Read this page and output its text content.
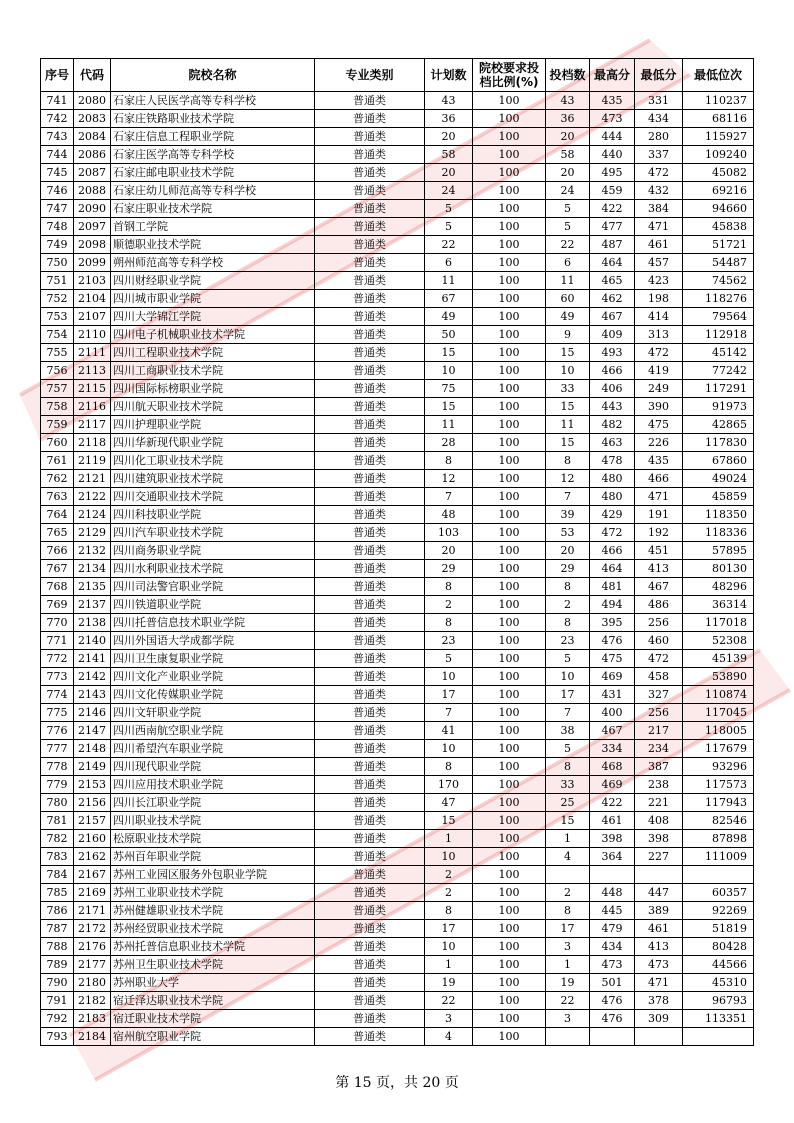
序号	代码	院校名称	专业类别	计划数	院校要求投档比例(%)	投档数	最高分	最低分	最低位次
741	2080	石家庄人民医学高等专科学校	普通类	43	100	43	435	331	110237
742	2083	石家庄铁路职业技术学院	普通类	36	100	36	473	434	68116
743	2084	石家庄信息工程职业学院	普通类	20	100	20	444	280	115927
744	2086	石家庄医学高等专科学校	普通类	58	100	58	440	337	109240
745	2087	石家庄邮电职业技术学院	普通类	20	100	20	495	472	45082
746	2088	石家庄幼儿师范高等专科学校	普通类	24	100	24	459	432	69216
747	2090	石家庄职业技术学院	普通类	5	100	5	422	384	94660
748	2097	首钢工学院	普通类	5	100	5	477	471	45838
749	2098	顺德职业技术学院	普通类	22	100	22	487	461	51721
750	2099	朔州师范高等专科学校	普通类	6	100	6	464	457	54487
751	2103	四川财经职业学院	普通类	11	100	11	465	423	74562
752	2104	四川城市职业学院	普通类	67	100	60	462	198	118276
753	2107	四川大学锦江学院	普通类	49	100	49	467	414	79564
754	2110	四川电子机械职业技术学院	普通类	50	100	9	409	313	112918
755	2111	四川工程职业技术学院	普通类	15	100	15	493	472	45142
756	2113	四川工商职业技术学院	普通类	10	100	10	466	419	77242
757	2115	四川国际标榜职业学院	普通类	75	100	33	406	249	117291
758	2116	四川航天职业技术学院	普通类	15	100	15	443	390	91973
759	2117	四川护理职业学院	普通类	11	100	11	482	475	42865
760	2118	四川华新现代职业学院	普通类	28	100	15	463	226	117830
761	2119	四川化工职业技术学院	普通类	8	100	8	478	435	67860
762	2121	四川建筑职业技术学院	普通类	12	100	12	480	466	49024
763	2122	四川交通职业技术学院	普通类	7	100	7	480	471	45859
764	2124	四川科技职业学院	普通类	48	100	39	429	191	118350
765	2129	四川汽车职业技术学院	普通类	103	100	53	472	192	118336
766	2132	四川商务职业学院	普通类	20	100	20	466	451	57895
767	2134	四川水利职业技术学院	普通类	29	100	29	464	413	80130
768	2135	四川司法警官职业学院	普通类	8	100	8	481	467	48296
769	2137	四川铁道职业学院	普通类	2	100	2	494	486	36314
770	2138	四川托普信息技术职业学院	普通类	8	100	8	395	256	117018
771	2140	四川外国语大学成都学院	普通类	23	100	23	476	460	52308
772	2141	四川卫生康复职业学院	普通类	5	100	5	475	472	45139
773	2142	四川文化产业职业学院	普通类	10	100	10	469	458	53890
774	2143	四川文化传媒职业学院	普通类	17	100	17	431	327	110874
775	2146	四川文轩职业学院	普通类	7	100	7	400	256	117045
776	2147	四川西南航空职业学院	普通类	41	100	38	467	217	118005
777	2148	四川希望汽车职业学院	普通类	10	100	5	334	234	117679
778	2149	四川现代职业学院	普通类	8	100	8	468	387	93296
779	2153	四川应用技术职业学院	普通类	170	100	33	469	238	117573
780	2156	四川长江职业学院	普通类	47	100	25	422	221	117943
781	2157	四川职业技术学院	普通类	15	100	15	461	408	82546
782	2160	松原职业技术学院	普通类	1	100	1	398	398	87898
783	2162	苏州百年职业学院	普通类	10	100	4	364	227	111009
784	2167	苏州工业园区服务外包职业学院	普通类	2	100				
785	2169	苏州工业职业技术学院	普通类	2	100	2	448	447	60357
786	2171	苏州健雄职业技术学院	普通类	8	100	8	445	389	92269
787	2172	苏州经贸职业技术学院	普通类	17	100	17	479	461	51819
788	2176	苏州托普信息职业技术学院	普通类	10	100	3	434	413	80428
789	2177	苏州卫生职业技术学院	普通类	1	100	1	473	473	44566
790	2180	苏州职业大学	普通类	19	100	19	501	471	45310
791	2182	宿迁泽达职业技术学院	普通类	22	100	22	476	378	96793
792	2183	宿迁职业技术学院	普通类	3	100	3	476	309	113351
793	2184	宿州航空职业学院	普通类	4	100				
第 15 页，共 20 页
